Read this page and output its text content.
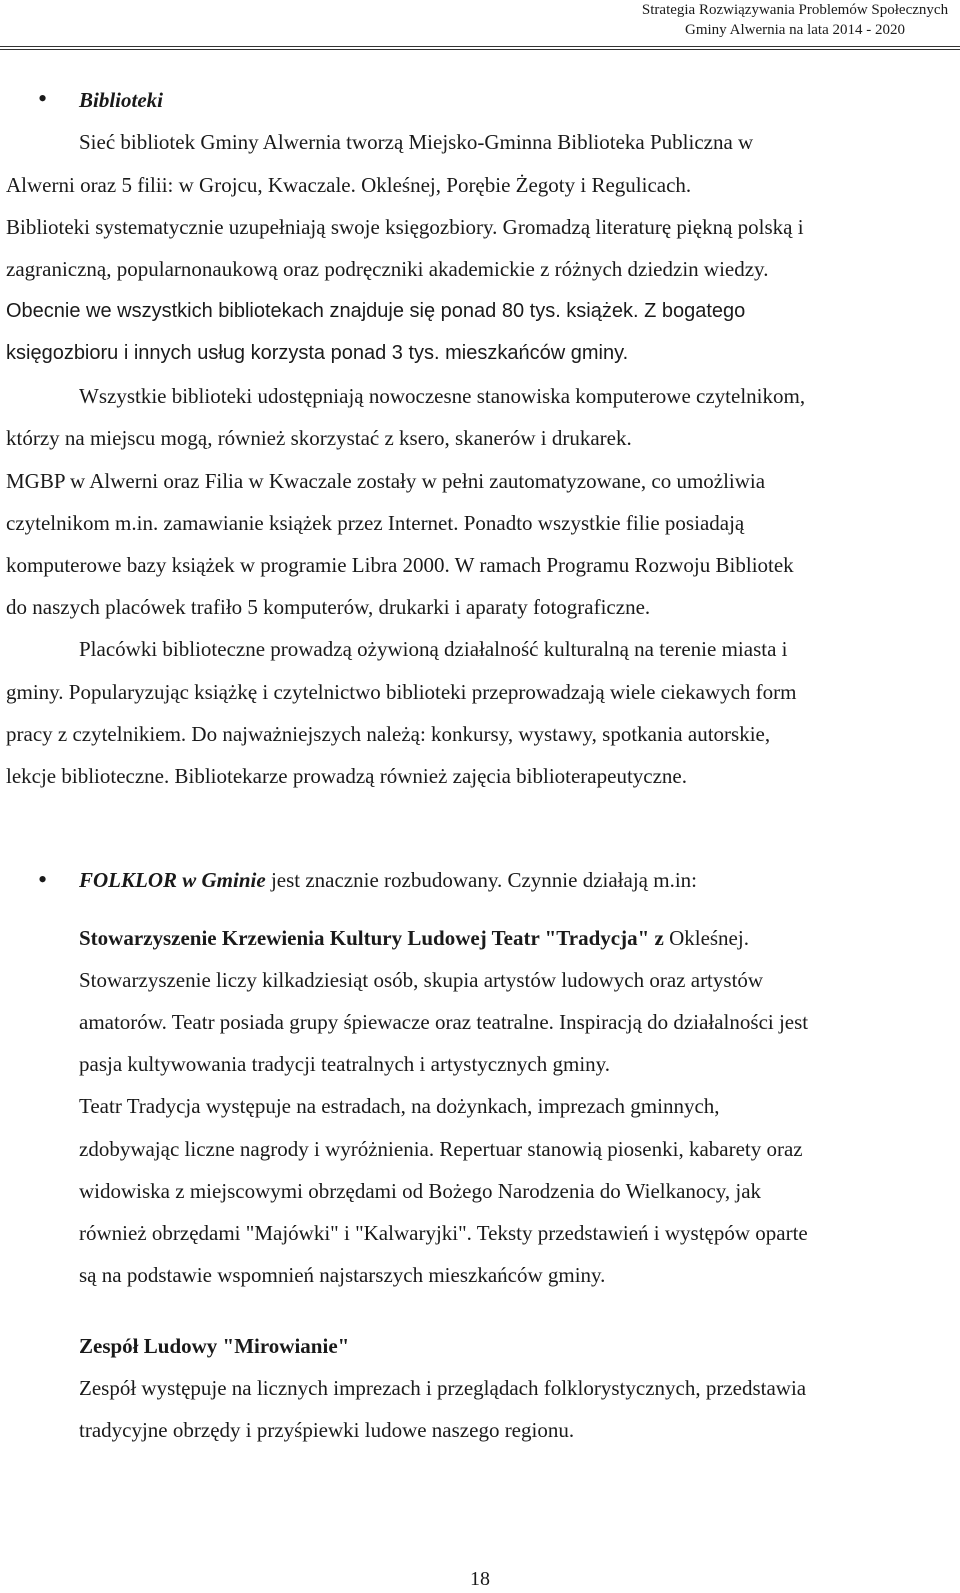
Strategia Rozwiązywania Problemów Społecznych
Gminy Alwernia na lata 2014 - 2020
• Biblioteki
Sieć bibliotek Gminy Alwernia tworzą Miejsko-Gminna Biblioteka Publiczna w
Alwerni oraz 5 filii: w Grojcu, Kwaczale. Okleśnej, Porębie Żegoty i Regulicach.
Biblioteki systematycznie uzupełniają swoje księgozbiory. Gromadzą literaturę piękną polską i
zagraniczną, popularnonaukową oraz podręczniki akademickie z różnych dziedzin wiedzy.
Obecnie we wszystkich bibliotekach znajduje się ponad 80 tys. książek. Z bogatego
księgozbioru i innych usług korzysta ponad 3 tys. mieszkańców gminy.
Wszystkie biblioteki udostępniają nowoczesne stanowiska komputerowe czytelnikom,
którzy na miejscu mogą, również skorzystać z ksero, skanerów i drukarek.
MGBP w Alwerni oraz Filia w Kwaczale zostały w pełni zautomatyzowane, co umożliwia
czytelnikom m.in. zamawianie książek przez Internet. Ponadto wszystkie filie posiadają
komputerowe bazy książek w programie Libra 2000. W ramach Programu Rozwoju Bibliotek
do naszych placówek trafiło 5 komputerów, drukarki i aparaty fotograficzne.
Placówki biblioteczne prowadzą ożywioną działalność kulturalną na terenie miasta i
gminy. Popularyzując książkę i czytelnictwo biblioteki przeprowadzają wiele ciekawych form
pracy z czytelnikiem. Do najważniejszych należą: konkursy, wystawy, spotkania autorskie,
lekcje biblioteczne. Bibliotekarze prowadzą również zajęcia biblioterapeutyczne.
• FOLKLOR w Gminie jest znacznie rozbudowany. Czynnie działają m.in:
Stowarzyszenie Krzewienia Kultury Ludowej Teatr "Tradycja" z Okleśnej.
Stowarzyszenie liczy kilkadziesiąt osób, skupia artystów ludowych oraz artystów
amatorów. Teatr posiada grupy śpiewacze oraz teatralne. Inspiracją do działalności jest
pasja kultywowania tradycji teatralnych i artystycznych gminy.
Teatr Tradycja występuje na estradach, na dożynkach, imprezach gminnych,
zdobywając liczne nagrody i wyróżnienia. Repertuar stanowią piosenki, kabarety oraz
widowiska z miejscowymi obrzędami od Bożego Narodzenia do Wielkanocy, jak
również obrzędami "Majówki" i "Kalwaryjki". Teksty przedstawień i występów oparte
są na podstawie wspomnień najstarszych mieszkańców gminy.
Zespół Ludowy "Mirowianie"
Zespół występuje na licznych imprezach i przeglądach folklorystycznych, przedstawia
tradycyjne obrzędy i przyśpiewki ludowe naszego regionu.
18
